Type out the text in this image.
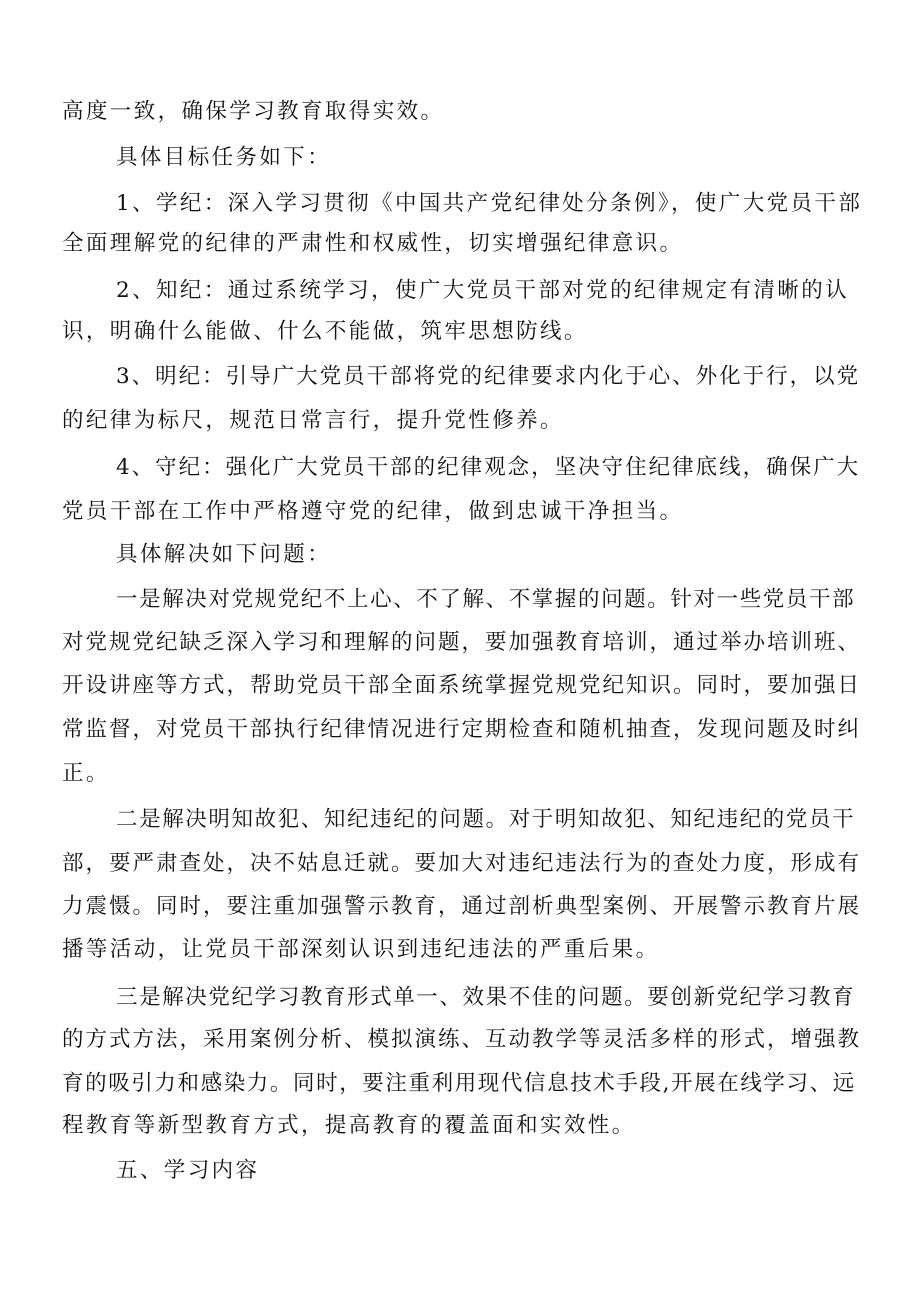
高度一致，确保学习教育取得实效。
具体目标任务如下：
1、学纪：深入学习贯彻《中国共产党纪律处分条例》，使广大党员干部
全面理解党的纪律的严肃性和权威性，切实增强纪律意识。
2、知纪：通过系统学习，使广大党员干部对党的纪律规定有清晰的认
识，明确什么能做、什么不能做，筑牢思想防线。
3、明纪：引导广大党员干部将党的纪律要求内化于心、外化于行，以党
的纪律为标尺，规范日常言行，提升党性修养。
4、守纪：强化广大党员干部的纪律观念，坚决守住纪律底线，确保广大
党员干部在工作中严格遵守党的纪律，做到忠诚干净担当。
具体解决如下问题：
一是解决对党规党纪不上心、不了解、不掌握的问题。针对一些党员干部
对党规党纪缺乏深入学习和理解的问题，要加强教育培训，通过举办培训班、
开设讲座等方式，帮助党员干部全面系统掌握党规党纪知识。同时，要加强日
常监督，对党员干部执行纪律情况进行定期检查和随机抽查，发现问题及时纠
正。
二是解决明知故犯、知纪违纪的问题。对于明知故犯、知纪违纪的党员干
部，要严肃查处，决不姑息迁就。要加大对违纪违法行为的查处力度，形成有
力震慑。同时，要注重加强警示教育，通过剖析典型案例、开展警示教育片展
播等活动，让党员干部深刻认识到违纪违法的严重后果。
三是解决党纪学习教育形式单一、效果不佳的问题。要创新党纪学习教育
的方式方法，采用案例分析、模拟演练、互动教学等灵活多样的形式，增强教
育的吸引力和感染力。同时，要注重利用现代信息技术手段,开展在线学习、远
程教育等新型教育方式，提高教育的覆盖面和实效性。
五、学习内容
